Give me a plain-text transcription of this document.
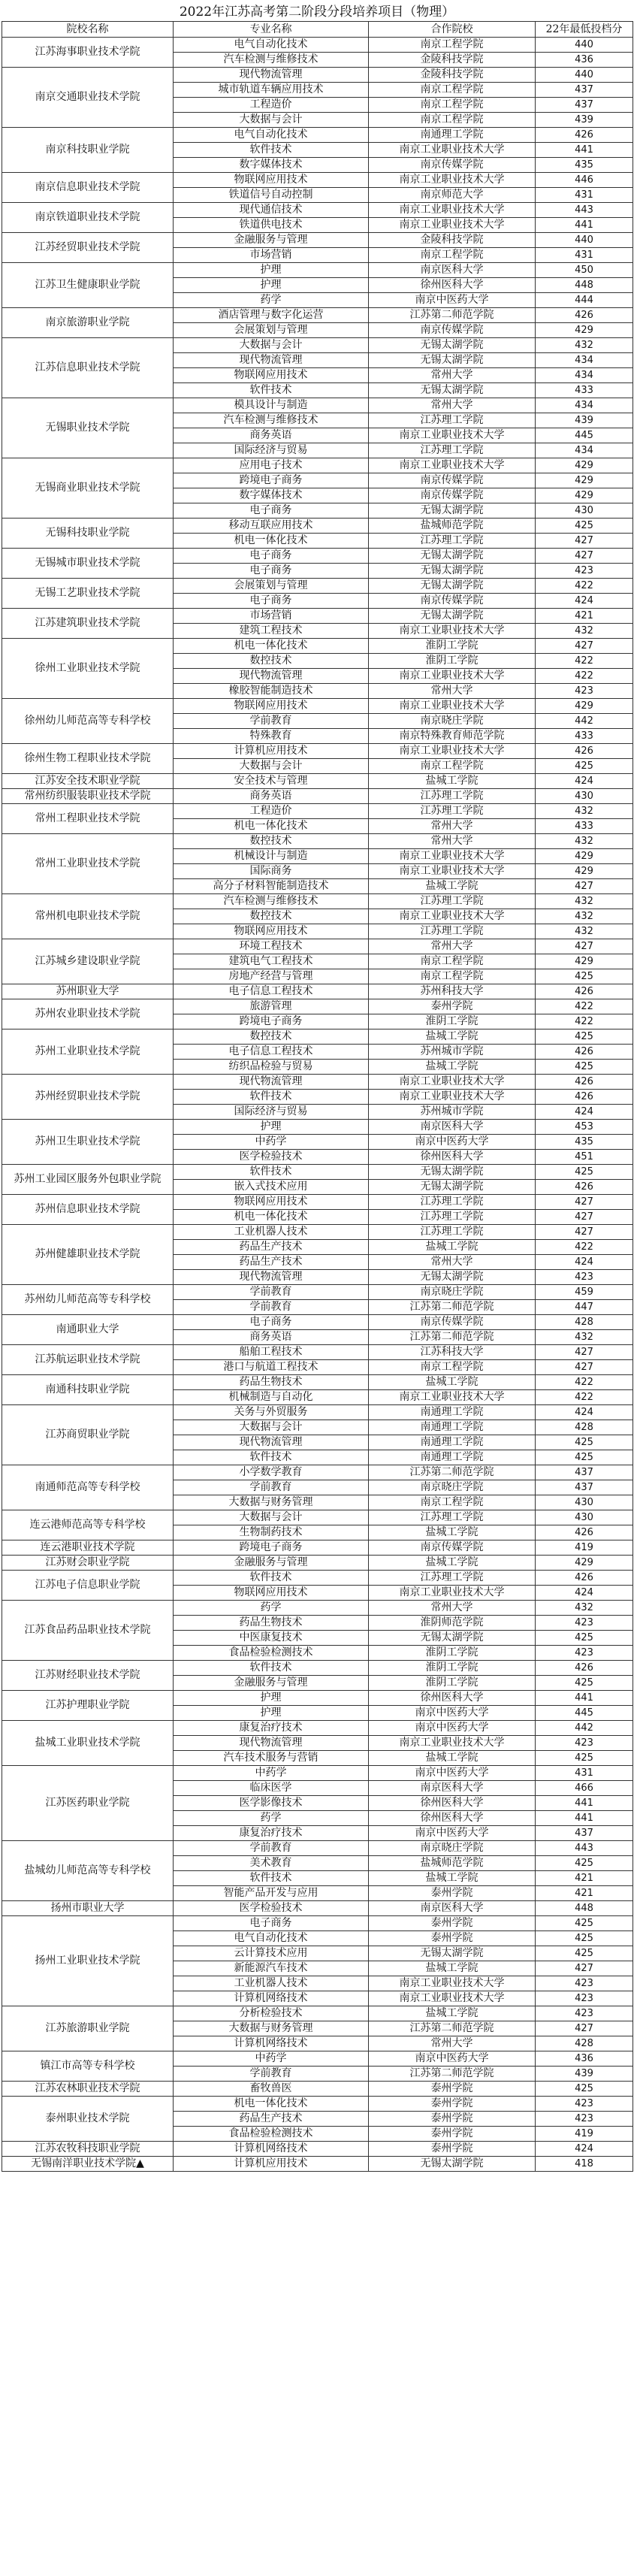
2022年江苏高考第二阶段分段培养项目（物理）
院校名称	专业名称	合作院校	22年最低投档分
江苏海事职业技术学院	电气自动化技术	南京工程学院	440
	汽车检测与维修技术	金陵科技学院	436
南京交通职业技术学院	现代物流管理	金陵科技学院	440
	城市轨道车辆应用技术	南京工程学院	437
	工程造价	南京工程学院	437
	大数据与会计	南京工程学院	439
南京科技职业学院	电气自动化技术	南通理工学院	426
	软件技术	南京工业职业技术大学	441
	数字媒体技术	南京传媒学院	435
南京信息职业技术学院	物联网应用技术	南京工业职业技术大学	446
	铁道信号自动控制	南京师范大学	431
南京铁道职业技术学院	现代通信技术	南京工业职业技术大学	443
	铁道供电技术	南京工业职业技术大学	441
江苏经贸职业技术学院	金融服务与管理	金陵科技学院	440
	市场营销	南京工程学院	431
江苏卫生健康职业学院	护理	南京医科大学	450
	护理	徐州医科大学	448
	药学	南京中医药大学	444
南京旅游职业学院	酒店管理与数字化运营	江苏第二师范学院	426
	会展策划与管理	南京传媒学院	429
江苏信息职业技术学院	大数据与会计	无锡太湖学院	432
	现代物流管理	无锡太湖学院	434
	物联网应用技术	常州大学	434
	软件技术	无锡太湖学院	433
无锡职业技术学院	模具设计与制造	常州大学	434
	汽车检测与维修技术	江苏理工学院	439
	商务英语	南京工业职业技术大学	445
	国际经济与贸易	江苏理工学院	434
无锡商业职业技术学院	应用电子技术	南京工业职业技术大学	429
	跨境电子商务	南京传媒学院	429
	数字媒体技术	南京传媒学院	429
	电子商务	无锡太湖学院	430
无锡科技职业学院	移动互联应用技术	盐城师范学院	425
	机电一体化技术	江苏理工学院	427
无锡城市职业技术学院	电子商务	无锡太湖学院	427
	电子商务	无锡太湖学院	423
无锡工艺职业技术学院	会展策划与管理	无锡太湖学院	422
	电子商务	南京传媒学院	424
江苏建筑职业技术学院	市场营销	无锡太湖学院	421
	建筑工程技术	南京工业职业技术大学	432
徐州工业职业技术学院	机电一体化技术	淮阴工学院	427
	数控技术	淮阴工学院	422
	现代物流管理	南京工业职业技术大学	422
	橡胶智能制造技术	常州大学	423
徐州幼儿师范高等专科学校	物联网应用技术	南京工业职业技术大学	429
	学前教育	南京晓庄学院	442
	特殊教育	南京特殊教育师范学院	433
徐州生物工程职业技术学院	计算机应用技术	南京工业职业技术大学	426
	大数据与会计	南京工程学院	425
江苏安全技术职业学院	安全技术与管理	盐城工学院	424
常州纺织服装职业技术学院	商务英语	江苏理工学院	430
常州工程职业技术学院	工程造价	江苏理工学院	432
	机电一体化技术	常州大学	433
常州工业职业技术学院	数控技术	常州大学	432
	机械设计与制造	南京工业职业技术大学	429
	国际商务	南京工业职业技术大学	429
	高分子材料智能制造技术	盐城工学院	427
常州机电职业技术学院	汽车检测与维修技术	江苏理工学院	432
	数控技术	南京工业职业技术大学	432
	物联网应用技术	江苏理工学院	432
江苏城乡建设职业学院	环境工程技术	常州大学	427
	建筑电气工程技术	南京工程学院	429
	房地产经营与管理	南京工程学院	425
苏州职业大学	电子信息工程技术	苏州科技大学	426
苏州农业职业技术学院	旅游管理	泰州学院	422
	跨境电子商务	淮阴工学院	422
苏州工业职业技术学院	数控技术	盐城工学院	425
	电子信息工程技术	苏州城市学院	426
	纺织品检验与贸易	盐城工学院	425
苏州经贸职业技术学院	现代物流管理	南京工业职业技术大学	426
	软件技术	南京工业职业技术大学	426
	国际经济与贸易	苏州城市学院	424
苏州卫生职业技术学院	护理	南京医科大学	453
	中药学	南京中医药大学	435
	医学检验技术	徐州医科大学	451
苏州工业园区服务外包职业学院	软件技术	无锡太湖学院	425
	嵌入式技术应用	无锡太湖学院	426
苏州信息职业技术学院	物联网应用技术	江苏理工学院	427
	机电一体化技术	江苏理工学院	427
苏州健雄职业技术学院	工业机器人技术	江苏理工学院	427
	药品生产技术	盐城工学院	422
	药品生产技术	常州大学	424
	现代物流管理	无锡太湖学院	423
苏州幼儿师范高等专科学校	学前教育	南京晓庄学院	459
	学前教育	江苏第二师范学院	447
南通职业大学	电子商务	南京传媒学院	428
	商务英语	江苏第二师范学院	432
江苏航运职业技术学院	船舶工程技术	江苏科技大学	427
	港口与航道工程技术	南京工程学院	427
南通科技职业学院	药品生物技术	盐城工学院	422
	机械制造与自动化	南京工业职业技术大学	422
江苏商贸职业学院	关务与外贸服务	南通理工学院	424
	大数据与会计	南通理工学院	428
	现代物流管理	南通理工学院	425
	软件技术	南通理工学院	425
南通师范高等专科学校	小学数学教育	江苏第二师范学院	437
	学前教育	南京晓庄学院	437
	大数据与财务管理	南京工程学院	430
连云港师范高等专科学校	大数据与会计	江苏理工学院	430
	生物制药技术	盐城工学院	426
连云港职业技术学院	跨境电子商务	南京传媒学院	419
江苏财会职业学院	金融服务与管理	盐城工学院	429
江苏电子信息职业学院	软件技术	江苏理工学院	426
	物联网应用技术	南京工业职业技术大学	424
江苏食品药品职业技术学院	药学	常州大学	432
	药品生物技术	淮阴师范学院	423
	中医康复技术	无锡太湖学院	425
	食品检验检测技术	淮阴工学院	423
江苏财经职业技术学院	软件技术	淮阴工学院	426
	金融服务与管理	淮阴工学院	425
江苏护理职业学院	护理	徐州医科大学	441
	护理	南京中医药大学	445
盐城工业职业技术学院	康复治疗技术	南京中医药大学	442
	现代物流管理	南京工业职业技术大学	423
	汽车技术服务与营销	盐城工学院	425
江苏医药职业学院	中药学	南京中医药大学	431
	临床医学	南京医科大学	466
	医学影像技术	徐州医科大学	441
	药学	徐州医科大学	441
	康复治疗技术	南京中医药大学	437
盐城幼儿师范高等专科学校	学前教育	南京晓庄学院	443
	美术教育	盐城师范学院	425
	软件技术	盐城工学院	421
	智能产品开发与应用	泰州学院	421
扬州市职业大学	医学检验技术	南京医科大学	448
扬州工业职业技术学院	电子商务	泰州学院	425
	电气自动化技术	泰州学院	425
	云计算技术应用	无锡太湖学院	425
	新能源汽车技术	盐城工学院	427
	工业机器人技术	南京工业职业技术大学	423
	计算机网络技术	南京工业职业技术大学	423
江苏旅游职业学院	分析检验技术	盐城工学院	423
	大数据与财务管理	江苏第二师范学院	427
	计算机网络技术	常州大学	428
镇江市高等专科学校	中药学	南京中医药大学	436
	学前教育	江苏第二师范学院	439
江苏农林职业技术学院	畜牧兽医	泰州学院	425
泰州职业技术学院	机电一体化技术	泰州学院	423
	药品生产技术	泰州学院	423
	食品检验检测技术	泰州学院	419
江苏农牧科技职业学院	计算机网络技术	泰州学院	424
无锡南洋职业技术学院▲	计算机应用技术	无锡太湖学院	418
